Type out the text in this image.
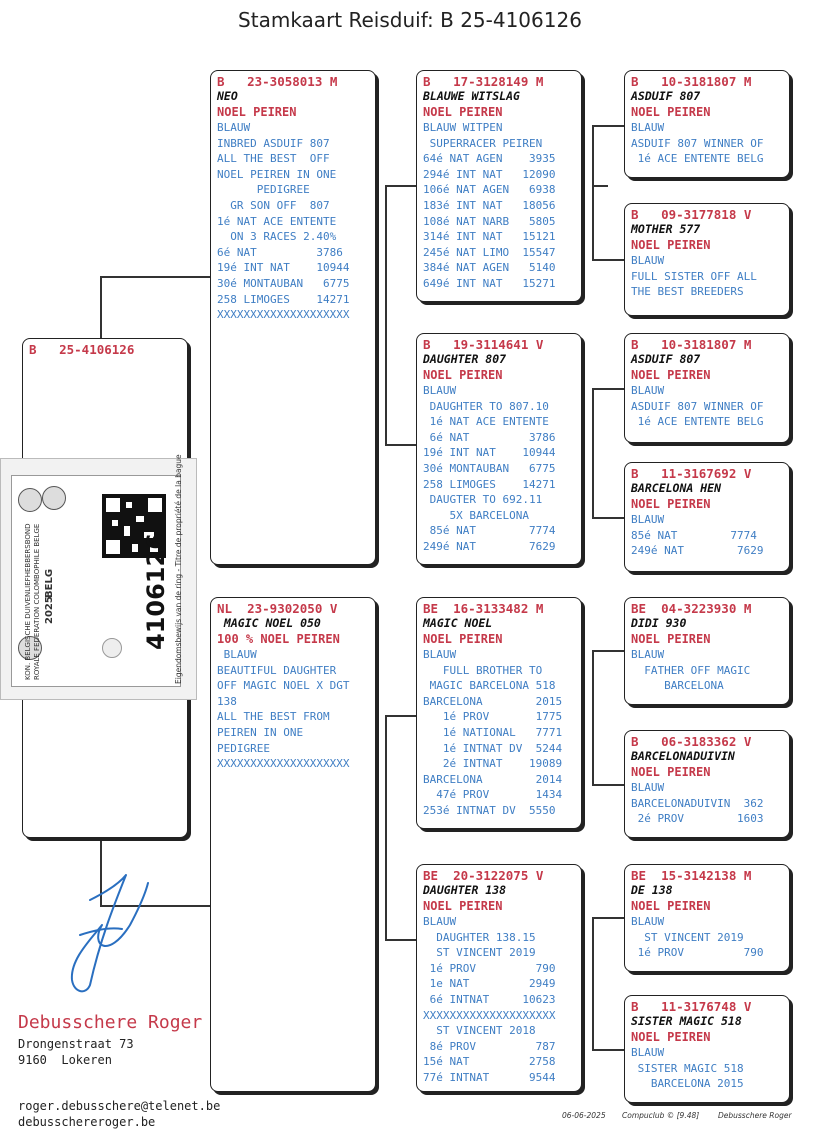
Stamkaart Reisduif: B 25-4106126
B   25-4106126
B   23-3058013 M
NEO
NOEL PEIREN
BLAUW
INBRED ASDUIF 807
ALL THE BEST  OFF
NOEL PEIREN IN ONE
PEDIGREE
GR SON OFF  807
1é NAT ACE ENTENTE
ON 3 RACES 2.40%
6é NAT         3786
19é INT NAT    10944
30é MONTAUBAN   6775
258 LIMOGES    14271
XXXXXXXXXXXXXXXXXXXX
NL  23-9302050 V
MAGIC NOEL 050
100 % NOEL PEIREN
BLAUW
BEAUTIFUL DAUGHTER
OFF MAGIC NOEL X DGT
138
ALL THE BEST FROM
PEIREN IN ONE
PEDIGREE
XXXXXXXXXXXXXXXXXXXX
B   17-3128149 M
BLAUWE WITSLAG
NOEL PEIREN
BLAUW WITPEN
SUPERRACER PEIREN
64é NAT AGEN    3935
294é INT NAT   12090
106é NAT AGEN   6938
183é INT NAT   18056
108é NAT NARB   5805
314é INT NAT   15121
245é NAT LIMO  15547
384é NAT AGEN   5140
649é INT NAT   15271
B   19-3114641 V
DAUGHTER 807
NOEL PEIREN
BLAUW
DAUGHTER TO 807.10
1é NAT ACE ENTENTE
6é NAT         3786
19é INT NAT    10944
30é MONTAUBAN   6775
258 LIMOGES    14271
DAUGTER TO 692.11
5X BARCELONA
85é NAT        7774
249é NAT        7629
BE  16-3133482 M
MAGIC NOEL
NOEL PEIREN
BLAUW
FULL BROTHER TO
MAGIC BARCELONA 518
BARCELONA        2015
1é PROV       1775
1é NATIONAL   7771
1é INTNAT DV  5244
2é INTNAT    19089
BARCELONA        2014
47é PROV       1434
253é INTNAT DV  5550
BE  20-3122075 V
DAUGHTER 138
NOEL PEIREN
BLAUW
DAUGHTER 138.15
ST VINCENT 2019
1é PROV         790
1e NAT         2949
6é INTNAT     10623
XXXXXXXXXXXXXXXXXXXX
ST VINCENT 2018
8é PROV         787
15é NAT         2758
77é INTNAT      9544
B   10-3181807 M
ASDUIF 807
NOEL PEIREN
BLAUW
ASDUIF 807 WINNER OF
1é ACE ENTENTE BELG
B   09-3177818 V
MOTHER 577
NOEL PEIREN
BLAUW
FULL SISTER OFF ALL
THE BEST BREEDERS
B   10-3181807 M
ASDUIF 807
NOEL PEIREN
BLAUW
ASDUIF 807 WINNER OF
1é ACE ENTENTE BELG
B   11-3167692 V
BARCELONA HEN
NOEL PEIREN
BLAUW
85é NAT        7774
249é NAT        7629
BE  04-3223930 M
DIDI 930
NOEL PEIREN
BLAUW
FATHER OFF MAGIC
BARCELONA
B   06-3183362 V
BARCELONADUIVIN
NOEL PEIREN
BLAUW
BARCELONADUIVIN  362
2é PROV        1603
BE  15-3142138 M
DE 138
NOEL PEIREN
BLAUW
ST VINCENT 2019
1é PROV         790
B   11-3176748 V
SISTER MAGIC 518
NOEL PEIREN
BLAUW
SISTER MAGIC 518
BARCELONA 2015
KON. BELGISCHE DUIVENLIEFHEBBERSBOND ROYALE FEDERATION COLOMBOPHILE BELGE 2025
BELG	Eigendomsbewijs van de ring - Titre de propriété de la bague
4106126
Debusschere Roger
Drongenstraat 73
9160  Lokeren
roger.debusschere@telenet.be
debusschereroger.be	06-06-2025 Compuclub © [9.48]	Debusschere Roger
